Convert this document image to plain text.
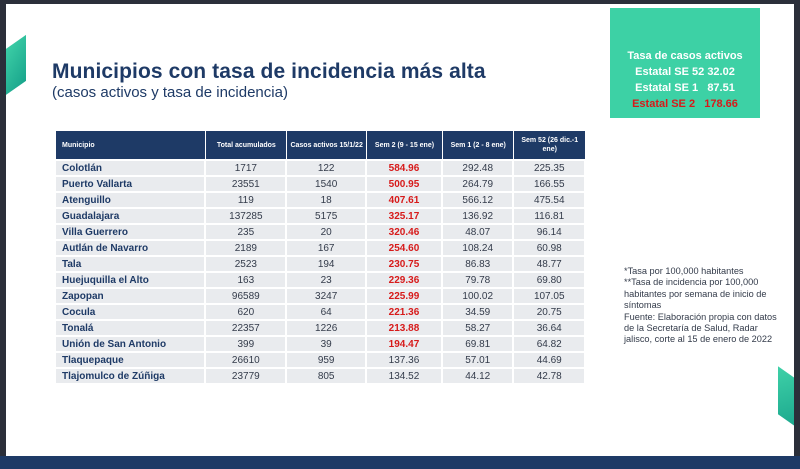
Municipios con tasa de incidencia más alta
(casos activos y tasa de incidencia)
Tasa de casos activos
Estatal SE 52 32.02
Estatal SE 1 87.51
Estatal SE 2 178.66
Municipio	Total acumulados	Casos activos 15/1/22	Sem 2 (9 - 15 ene)	Sem 1 (2 - 8 ene)	Sem 52 (26 dic.-1 ene)
Colotlán	1717	122	584.96	292.48	225.35
Puerto Vallarta	23551	1540	500.95	264.79	166.55
Atenguillo	119	18	407.61	566.12	475.54
Guadalajara	137285	5175	325.17	136.92	116.81
Villa Guerrero	235	20	320.46	48.07	96.14
Autlán de Navarro	2189	167	254.60	108.24	60.98
Tala	2523	194	230.75	86.83	48.77
Huejuquilla el Alto	163	23	229.36	79.78	69.80
Zapopan	96589	3247	225.99	100.02	107.05
Cocula	620	64	221.36	34.59	20.75
Tonalá	22357	1226	213.88	58.27	36.64
Unión de San Antonio	399	39	194.47	69.81	64.82
Tlaquepaque	26610	959	137.36	57.01	44.69
Tlajomulco de Zúñiga	23779	805	134.52	44.12	42.78
*Tasa por 100,000 habitantes
**Tasa de incidencia por 100,000 habitantes por semana de inicio de síntomas
Fuente: Elaboración propia con datos de la Secretaría de Salud, Radar jalisco, corte al 15 de enero de 2022
